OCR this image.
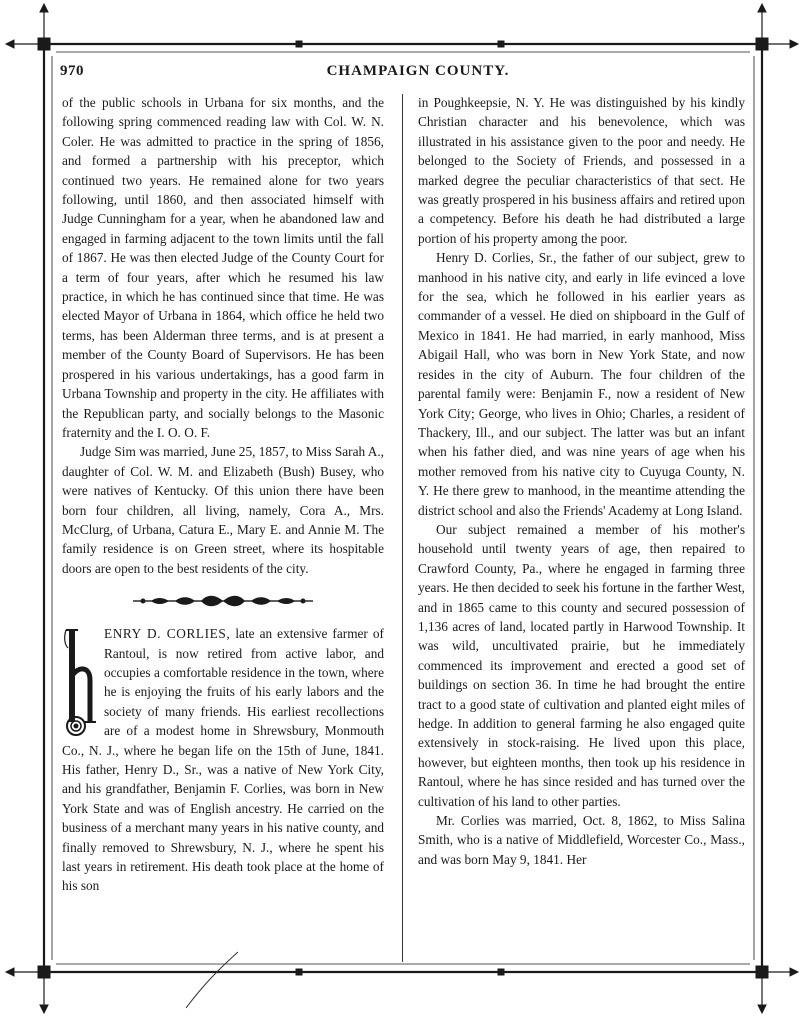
970	CHAMPAIGN COUNTY.

of the public schools in Urbana for six months, and the following spring commenced reading law with Col. W. N. Coler. He was admitted to practice in the spring of 1856, and formed a partnership with his preceptor, which continued two years. He remained alone for two years following, until 1860, and then associated himself with Judge Cunningham for a year, when he abandoned law and engaged in farming adjacent to the town limits until the fall of 1867. He was then elected Judge of the County Court for a term of four years, after which he resumed his law practice, in which he has continued since that time. He was elected Mayor of Urbana in 1864, which office he held two terms, has been Alderman three terms, and is at present a member of the County Board of Supervisors. He has been prospered in his various undertakings, has a good farm in Urbana Township and property in the city. He affiliates with the Republican party, and socially belongs to the Masonic fraternity and the I. O. O. F.

Judge Sim was married, June 25, 1857, to Miss Sarah A., daughter of Col. W. M. and Elizabeth (Bush) Busey, who were natives of Kentucky. Of this union there have been born four children, all living, namely, Cora A., Mrs. McClurg, of Urbana, Catura E., Mary E. and Annie M. The family residence is on Green street, where its hospitable doors are open to the best residents of the city.

ENRY D. CORLIES, late an extensive farmer of Rantoul, is now retired from active labor, and occupies a comfortable residence in the town, where he is enjoying the fruits of his early labors and the society of many friends. His earliest recollections are of a modest home in Shrewsbury, Monmouth Co., N. J., where he began life on the 15th of June, 1841. His father, Henry D., Sr., was a native of New York City, and his grandfather, Benjamin F. Corlies, was born in New York State and was of English ancestry. He carried on the business of a merchant many years in his native county, and finally removed to Shrewsbury, N. J., where he spent his last years in retirement. His death took place at the home of his son

in Poughkeepsie, N. Y. He was distinguished by his kindly Christian character and his benevolence, which was illustrated in his assistance given to the poor and needy. He belonged to the Society of Friends, and possessed in a marked degree the peculiar characteristics of that sect. He was greatly prospered in his business affairs and retired upon a competency. Before his death he had distributed a large portion of his property among the poor.

Henry D. Corlies, Sr., the father of our subject, grew to manhood in his native city, and early in life evinced a love for the sea, which he followed in his earlier years as commander of a vessel. He died on shipboard in the Gulf of Mexico in 1841. He had married, in early manhood, Miss Abigail Hall, who was born in New York State, and now resides in the city of Auburn. The four children of the parental family were: Benjamin F., now a resident of New York City; George, who lives in Ohio; Charles, a resident of Thackery, Ill., and our subject. The latter was but an infant when his father died, and was nine years of age when his mother removed from his native city to Cuyuga County, N. Y. He there grew to manhood, in the meantime attending the district school and also the Friends' Academy at Long Island.

Our subject remained a member of his mother's household until twenty years of age, then repaired to Crawford County, Pa., where he engaged in farming three years. He then decided to seek his fortune in the farther West, and in 1865 came to this county and secured possession of 1,136 acres of land, located partly in Harwood Township. It was wild, uncultivated prairie, but he immediately commenced its improvement and erected a good set of buildings on section 36. In time he had brought the entire tract to a good state of cultivation and planted eight miles of hedge. In addition to general farming he also engaged quite extensively in stock-raising. He lived upon this place, however, but eighteen months, then took up his residence in Rantoul, where he has since resided and has turned over the cultivation of his land to other parties.

Mr. Corlies was married, Oct. 8, 1862, to Miss Salina Smith, who is a native of Middlefield, Worcester Co., Mass., and was born May 9, 1841. Her
